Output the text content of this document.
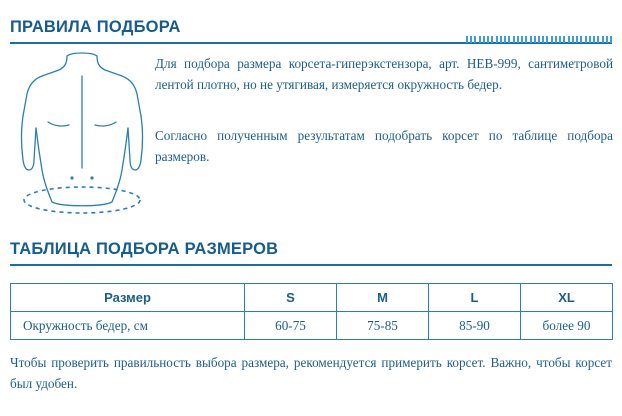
ПРАВИЛА ПОДБОРА
Для подбора размера корсета-гиперэкстензора, арт. HEB-999, сантиметровой лентой плотно, но не утягивая, измеряется окружность бедер.
Согласно полученным результатам подобрать корсет по таблице подбора размеров.
ТАБЛИЦА ПОДБОРА РАЗМЕРОВ
Размер	S	M	L	XL
Окружность бедер, см	60-75	75-85	85-90	более 90
Чтобы проверить правильность выбора размера, рекомендуется примерить корсет. Важно, чтобы корсет был удобен.
